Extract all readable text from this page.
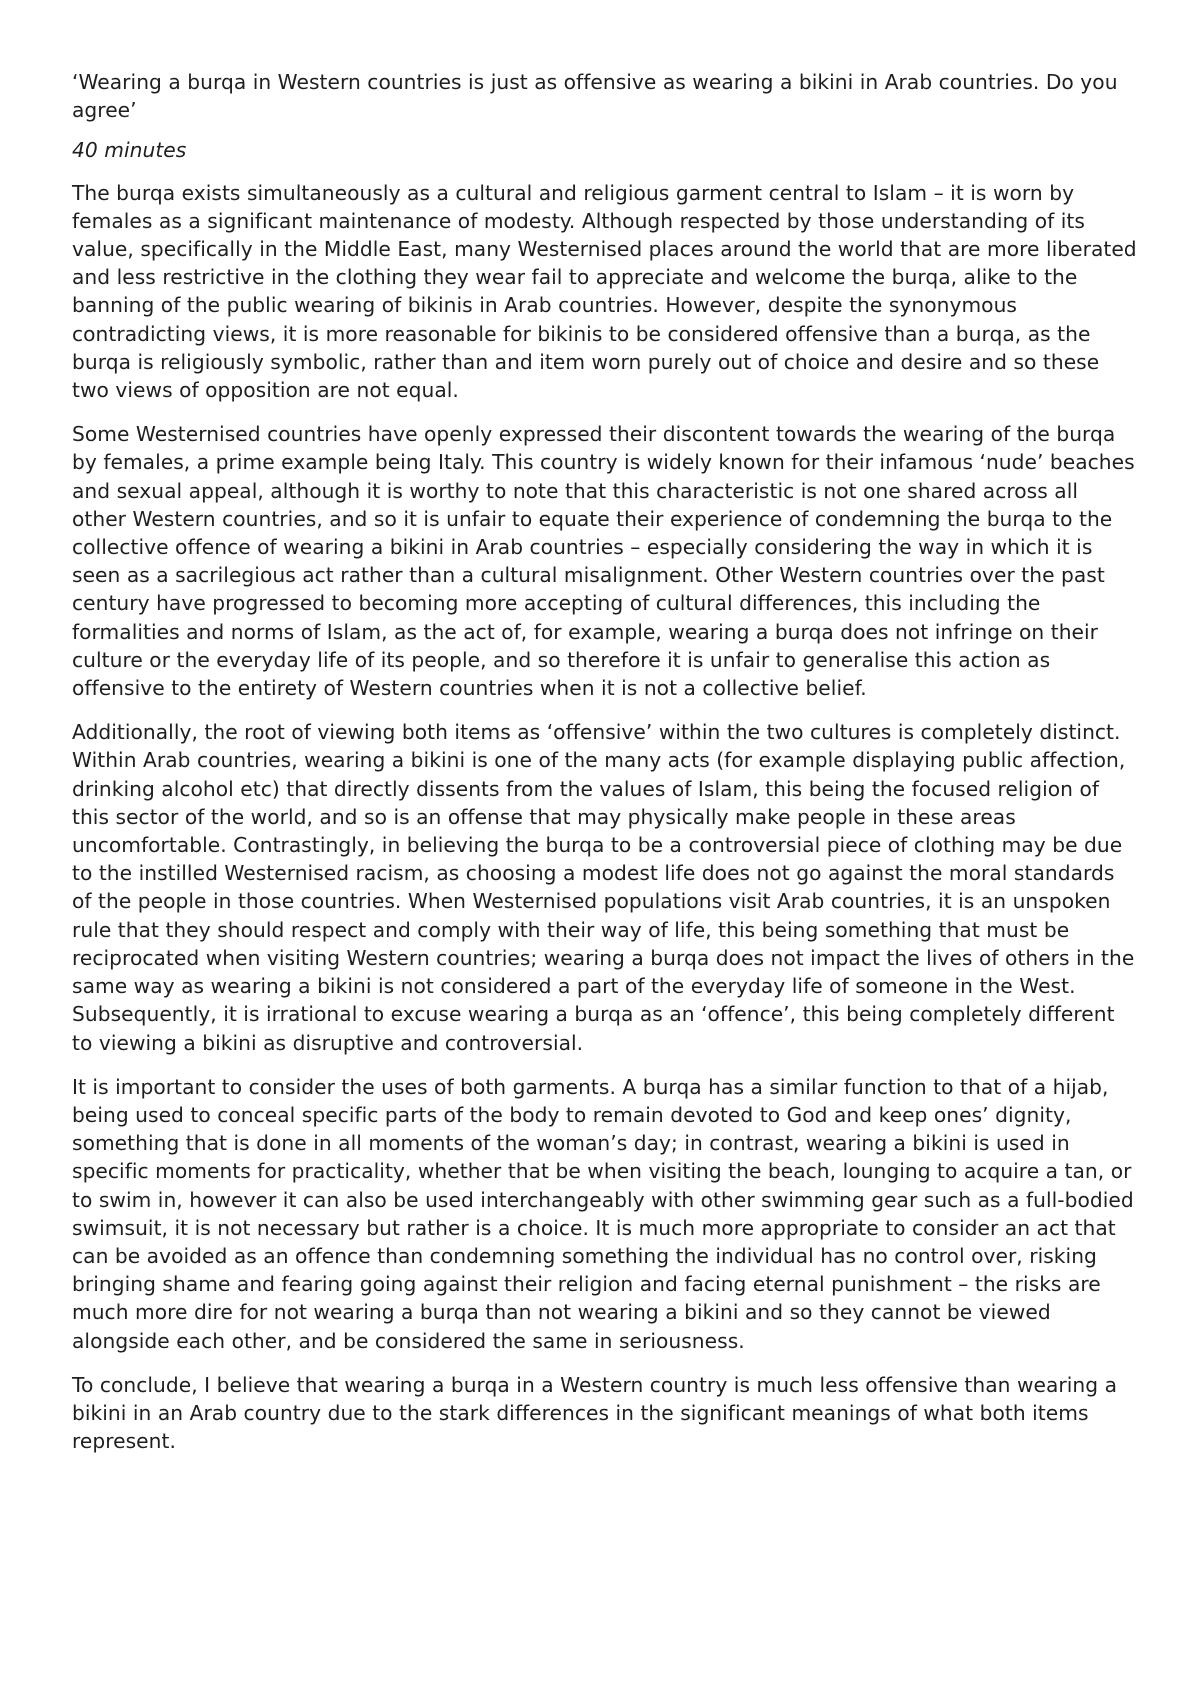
‘Wearing a burqa in Western countries is just as offensive as wearing a bikini in Arab countries. Do you agree’

40 minutes

The burqa exists simultaneously as a cultural and religious garment central to Islam – it is worn by females as a significant maintenance of modesty. Although respected by those understanding of its value, specifically in the Middle East, many Westernised places around the world that are more liberated and less restrictive in the clothing they wear fail to appreciate and welcome the burqa, alike to the banning of the public wearing of bikinis in Arab countries. However, despite the synonymous contradicting views, it is more reasonable for bikinis to be considered offensive than a burqa, as the burqa is religiously symbolic, rather than and item worn purely out of choice and desire and so these two views of opposition are not equal.

Some Westernised countries have openly expressed their discontent towards the wearing of the burqa by females, a prime example being Italy. This country is widely known for their infamous ‘nude’ beaches and sexual appeal, although it is worthy to note that this characteristic is not one shared across all other Western countries, and so it is unfair to equate their experience of condemning the burqa to the collective offence of wearing a bikini in Arab countries – especially considering the way in which it is seen as a sacrilegious act rather than a cultural misalignment. Other Western countries over the past century have progressed to becoming more accepting of cultural differences, this including the formalities and norms of Islam, as the act of, for example, wearing a burqa does not infringe on their culture or the everyday life of its people, and so therefore it is unfair to generalise this action as offensive to the entirety of Western countries when it is not a collective belief.

Additionally, the root of viewing both items as ‘offensive’ within the two cultures is completely distinct. Within Arab countries, wearing a bikini is one of the many acts (for example displaying public affection, drinking alcohol etc) that directly dissents from the values of Islam, this being the focused religion of this sector of the world, and so is an offense that may physically make people in these areas uncomfortable. Contrastingly, in believing the burqa to be a controversial piece of clothing may be due to the instilled Westernised racism, as choosing a modest life does not go against the moral standards of the people in those countries. When Westernised populations visit Arab countries, it is an unspoken rule that they should respect and comply with their way of life, this being something that must be reciprocated when visiting Western countries; wearing a burqa does not impact the lives of others in the same way as wearing a bikini is not considered a part of the everyday life of someone in the West. Subsequently, it is irrational to excuse wearing a burqa as an ‘offence’, this being completely different to viewing a bikini as disruptive and controversial.

It is important to consider the uses of both garments. A burqa has a similar function to that of a hijab, being used to conceal specific parts of the body to remain devoted to God and keep ones’ dignity, something that is done in all moments of the woman’s day; in contrast, wearing a bikini is used in specific moments for practicality, whether that be when visiting the beach, lounging to acquire a tan, or to swim in, however it can also be used interchangeably with other swimming gear such as a full-bodied swimsuit, it is not necessary but rather is a choice. It is much more appropriate to consider an act that can be avoided as an offence than condemning something the individual has no control over, risking bringing shame and fearing going against their religion and facing eternal punishment – the risks are much more dire for not wearing a burqa than not wearing a bikini and so they cannot be viewed alongside each other, and be considered the same in seriousness.

To conclude, I believe that wearing a burqa in a Western country is much less offensive than wearing a bikini in an Arab country due to the stark differences in the significant meanings of what both items represent.
